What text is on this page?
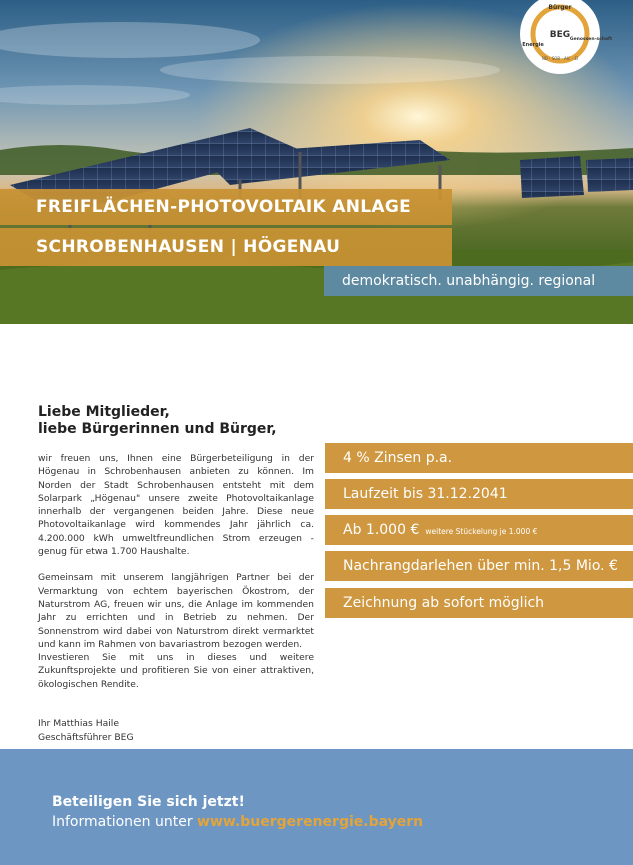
Bürger
BEG
Energie
Genossen-schaft
ND · SOB · AIC · EI
FREIFLÄCHEN-PHOTOVOLTAIK ANLAGE
SCHROBENHAUSEN | HÖGENAU
demokratisch. unabhängig. regional
Liebe Mitglieder,
liebe Bürgerinnen und Bürger,

wir freuen uns, Ihnen eine Bürgerbeteiligung in der Högenau in Schrobenhausen anbieten zu können. Im Norden der Stadt Schrobenhausen entsteht mit dem Solarpark „Högenau" unsere zweite Photovoltaikanlage innerhalb der vergangenen beiden Jahre. Diese neue Photovoltaikanlage wird kommendes Jahr jährlich ca. 4.200.000 kWh umweltfreundlichen Strom erzeugen - genug für etwa 1.700 Haushalte.

Gemeinsam mit unserem langjährigen Partner bei der Vermarktung von echtem bayerischen Ökostrom, der Naturstrom AG, freuen wir uns, die Anlage im kommenden Jahr zu errichten und in Betrieb zu nehmen. Der Sonnenstrom wird dabei von Naturstrom direkt vermarktet und kann im Rahmen von bavariastrom bezogen werden.

Investieren Sie mit uns in dieses und weitere Zukunftsprojekte und profitieren Sie von einer attraktiven, ökologischen Rendite.

Ihr Matthias Haile
Geschäftsführer BEG
4 % Zinsen p.a.
Laufzeit bis 31.12.2041
Ab 1.000 € weitere Stückelung je 1.000 €
Nachrangdarlehen über min. 1,5 Mio. €
Zeichnung ab sofort möglich
Beteiligen Sie sich jetzt!
Informationen unter www.buergerenergie.bayern
